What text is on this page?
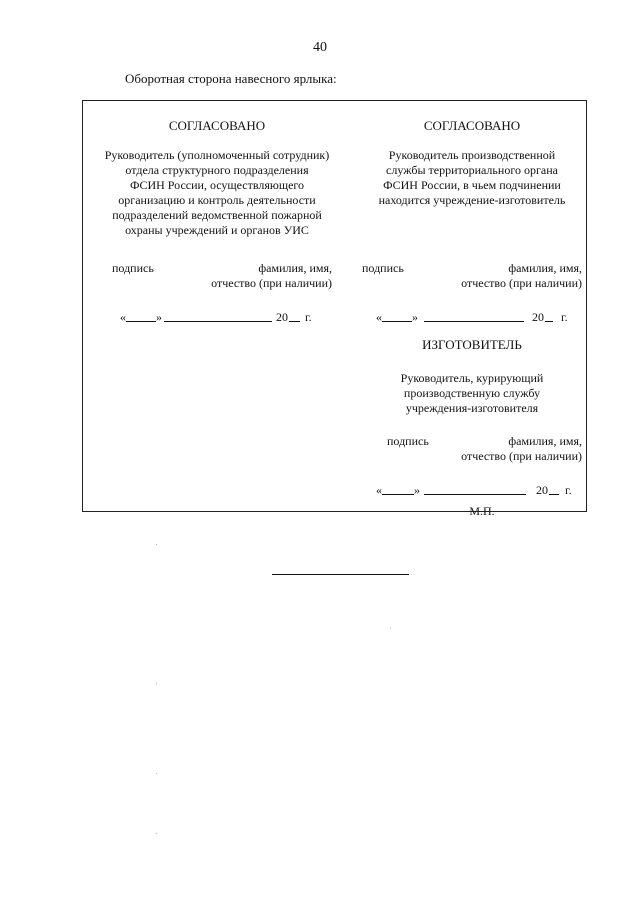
40
Оборотная сторона навесного ярлыка:
СОГЛАСОВАНО
Руководитель (уполномоченный сотрудник)
отдела структурного подразделения
ФСИН России, осуществляющего
организацию и контроль деятельности
подразделений ведомственной пожарной
охраны учреждений и органов УИС
подпись	фамилия, имя,
отчество (при наличии)
«	»	20 г.
СОГЛАСОВАНО
Руководитель производственной
службы территориального органа
ФСИН России, в чьем подчинении
находится учреждение-изготовитель
подпись	фамилия, имя,
отчество (при наличии)
«	»	20 г.
ИЗГОТОВИТЕЛЬ
Руководитель, курирующий
производственную службу
учреждения-изготовителя
подпись	фамилия, имя,
отчество (при наличии)
«	»	20 г.
М.П.
